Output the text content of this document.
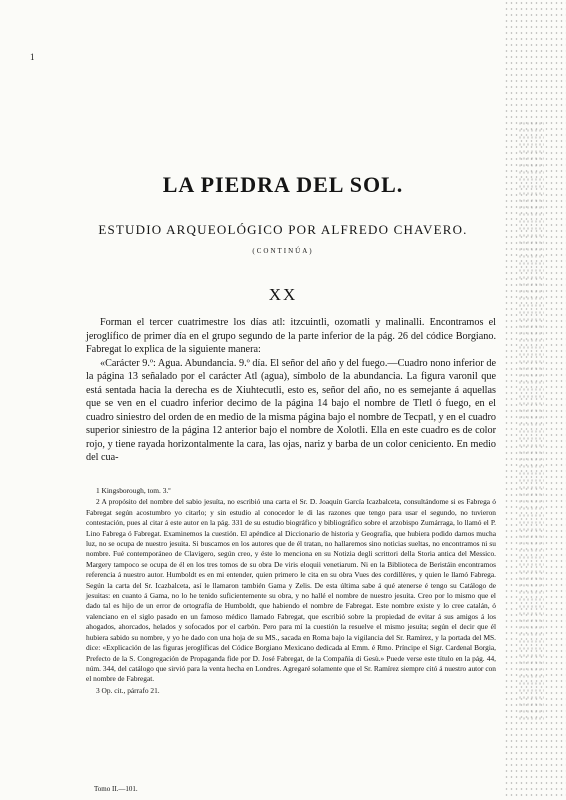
1
LA PIEDRA DEL SOL.
ESTUDIO ARQUEOLÓGICO POR ALFREDO CHAVERO.
(CONTINÚA)
XX

Forman el tercer cuatrimestre los días atl: itzcuintli, ozomatli y malinalli. Encontramos el jeroglífico de primer día en el grupo segundo de la parte inferior de la pág. 26 del códice Borgiano. Fabregat lo explica de la siguiente manera:

«Carácter 9.º: Agua. Abundancia. 9.º día. El señor del año y del fuego.—Cuadro nono inferior de la página 13 señalado por el carácter Atl (agua), símbolo de la abundancia. La figura varonil que está sentada hacia la derecha es de Xiuhtecutli, esto es, señor del año, no es semejante á aquellas que se ven en el cuadro inferior decimo de la página 14 bajo el nombre de Tletl ó fuego, en el cuadro siniestro del orden de en medio de la misma página bajo el nombre de Tecpatl, y en el cuadro superior siniestro de la página 12 anterior bajo el nombre de Xolotli. Ella en este cuadro es de color rojo, y tiene rayada horizontalmente la cara, las ojas, nariz y barba de un color ceniciento. En medio del cua-

1 Kingsborough, tom. 3.º

2 A propósito del nombre del sabio jesuíta, no escribió una carta el Sr. D. Joaquín García Icazbalceta, consultándome si es Fabrega ó Fabregat según acostumbro yo citarlo; y sin estudio al conocedor le di las razones que tengo para usar el segundo, no tuvieron contestación, pues al citar á este autor en la pág. 331 de su estudio biográfico y bibliográfico sobre el arzobispo Zumárraga, lo llamó el P. Lino Fabrega ó Fabregat. Examinemos la cuestión. El apéndice al Diccionario de historia y Geografía, que hubiera podido darnos mucha luz, no se ocupa de nuestro jesuita. Si buscamos en los autores que de él tratan, no hallaremos sino noticias sueltas, no encontramos ni su nombre. Fué contemporáneo de Clavigero, según creo, y éste lo menciona en su Notizia degli scrittori della Storia antica del Messico. Margery tampoco se ocupa de él en los tres tomos de su obra De viris eloquii venetiarum. Ni en la Biblioteca de Beristáin encontramos referencia á nuestro autor. Humboldt es en mi entender, quien primero le cita en su obra Vues des cordillères, y quien le llamó Fabrega. Según la carta del Sr. Icazbalceta, así le llamaron también Gama y Zelis. De esta última sabe á qué atenerse é tengo su Catálogo de jesuitas: en cuanto á Gama, no lo he tenido suficientemente su obra, y no hallé el nombre de nuestro jesuíta. Creo por lo mismo que el dado tal es hijo de un error de ortografía de Humboldt, que habiendo el nombre de Fabregat. Este nombre existe y lo cree catalán, ó valenciano en el siglo pasado en un famoso médico llamado Fabregat, que escribió sobre la propiedad de evitar á sus amigos á los ahogados, ahorcados, helados y sofocados por el carbón. Pero para mí la cuestión la resuelve el mismo jesuíta; según el decir que él hubiera sabido su nombre, y yo he dado con una hoja de su MS., sacada en Roma bajo la vigilancia del Sr. Ramírez, y la portada del MS. dice: «Explicación de las figuras jeroglíficas del Códice Borgiano Mexicano dedicada al Emm. é Rmo. Príncipe el Sigr. Cardenal Borgia, Prefecto de la S. Congregación de Propaganda fide por D. José Fabregat, de la Compañía di Gesù.» Puede verse este título en la pág. 44, núm. 344, del catálogo que sirvió para la venta hecha en Londres. Agregaré solamente que el Sr. Ramírez siempre citó á nuestro autor con el nombre de Fabregat.

3 Op. cit., párrafo 21.

Tomo II.—101.
